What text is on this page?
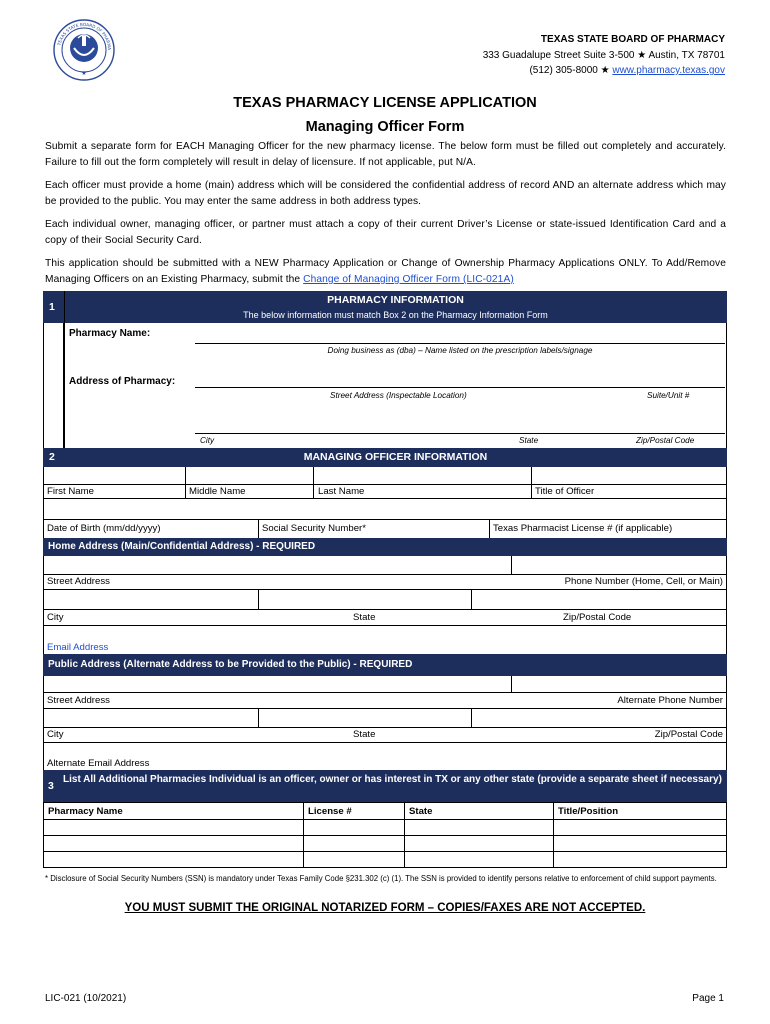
★
TEXAS STATE BOARD OF PHARMA
TEXAS STATE BOARD OF PHARMACY
333 Guadalupe Street Suite 3-500 ★ Austin, TX 78701
(512) 305-8000 ★ www.pharmacy.texas.gov
TEXAS PHARMACY LICENSE APPLICATION
Managing Officer Form
Submit a separate form for EACH Managing Officer for the new pharmacy license. The below form must be filled out completely and accurately. Failure to fill out the form completely will result in delay of licensure. If not applicable, put N/A.
Each officer must provide a home (main) address which will be considered the confidential address of record AND an alternate address which may be provided to the public. You may enter the same address in both address types.
Each individual owner, managing officer, or partner must attach a copy of their current Driver’s License or state-issued Identification Card and a copy of their Social Security Card.
This application should be submitted with a NEW Pharmacy Application or Change of Ownership Pharmacy Applications ONLY. To Add/Remove Managing Officers on an Existing Pharmacy, submit the Change of Managing Officer Form (LIC-021A)
1
PHARMACY INFORMATION
The below information must match Box 2 on the Pharmacy Information Form
Pharmacy Name:
Doing business as (dba) – Name listed on the prescription labels/signage
Address of Pharmacy:
Street Address (Inspectable Location)	Suite/Unit #
City	State	Zip/Postal Code
2	MANAGING OFFICER INFORMATION
First Name	Middle Name	Last Name	Title of Officer
Date of Birth (mm/dd/yyyy)	Social Security Number*	Texas Pharmacist License # (if applicable)
Home Address (Main/Confidential Address) - REQUIRED
Street Address	Phone Number (Home, Cell, or Main)
City	State	Zip/Postal Code
Email Address
Public Address (Alternate Address to be Provided to the Public) - REQUIRED
Street Address	Alternate Phone Number
City	State	Zip/Postal Code
Alternate Email Address
3
List All Additional Pharmacies Individual is an officer, owner or has interest in TX or any other state (provide a separate sheet if necessary)
Pharmacy Name	License #	State	Title/Position
* Disclosure of Social Security Numbers (SSN) is mandatory under Texas Family Code §231.302 (c) (1). The SSN is provided to identify persons relative to enforcement of child support payments.
YOU MUST SUBMIT THE ORIGINAL NOTARIZED FORM – COPIES/FAXES ARE NOT ACCEPTED.
LIC-021 (10/2021)	Page 1
